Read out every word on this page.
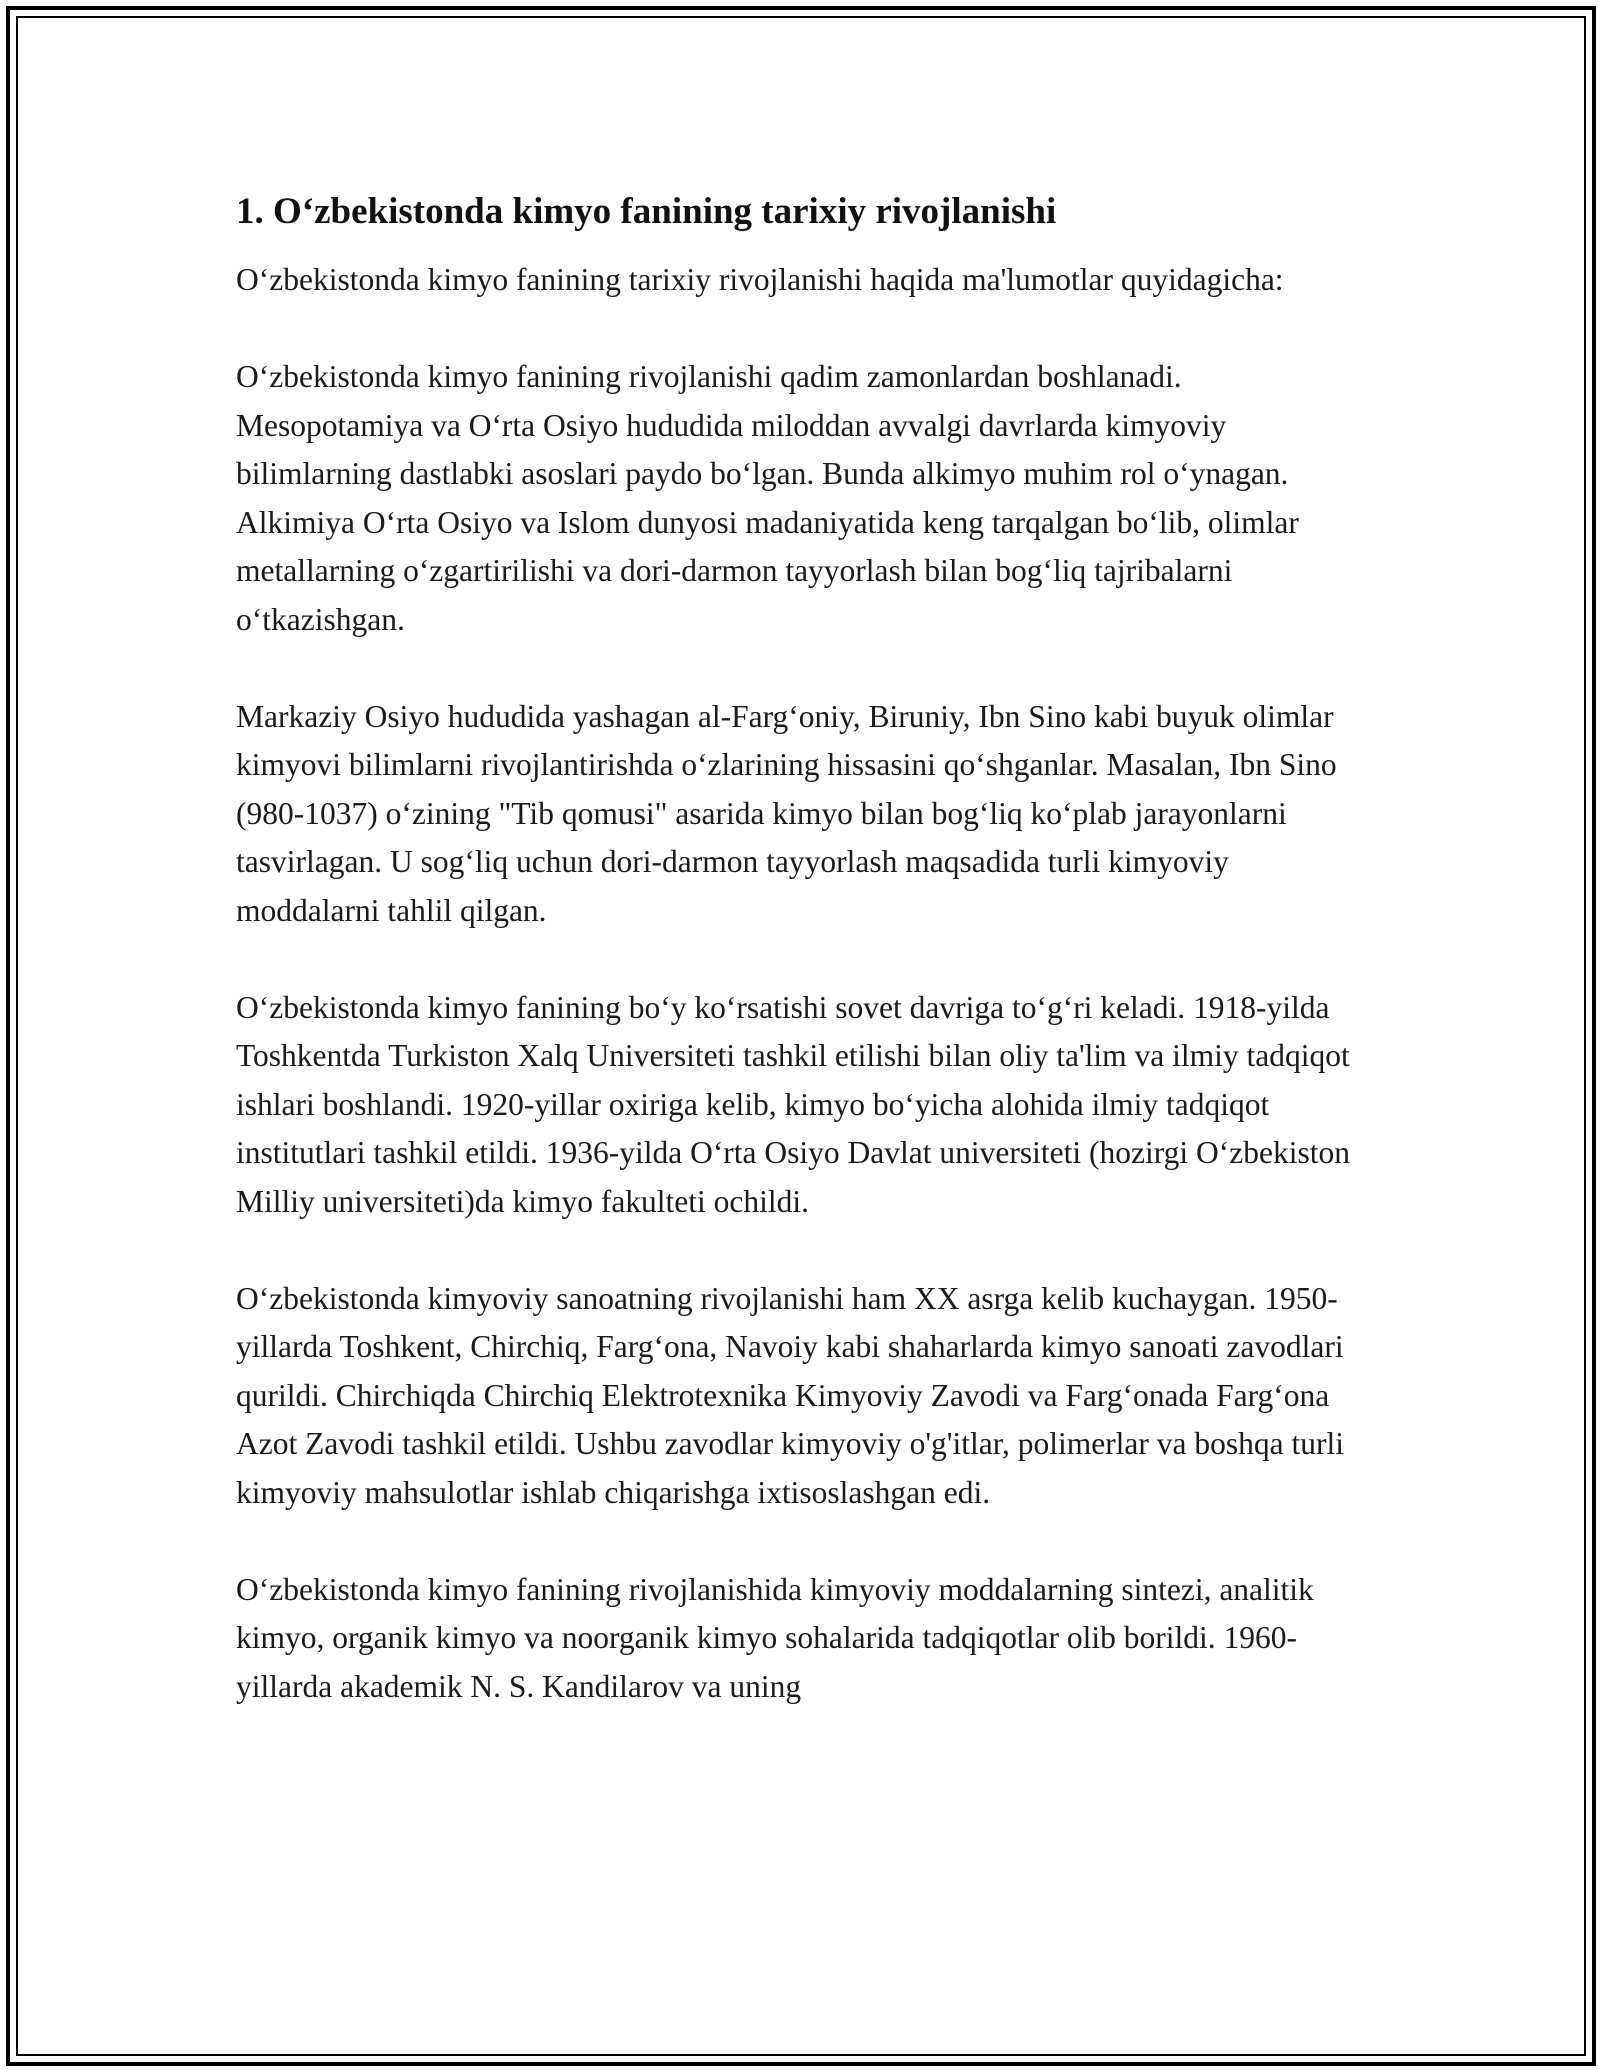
1. Oʻzbekistonda kimyo fanining tarixiy rivojlanishi

Oʻzbekistonda kimyo fanining tarixiy rivojlanishi haqida ma'lumotlar quyidagicha:

Oʻzbekistonda kimyo fanining rivojlanishi qadim zamonlardan boshlanadi. Mesopotamiya va Oʻrta Osiyo hududida miloddan avvalgi davrlarda kimyoviy bilimlarning dastlabki asoslari paydo boʻlgan. Bunda alkimyo muhim rol oʻynagan. Alkimiya Oʻrta Osiyo va Islom dunyosi madaniyatida keng tarqalgan boʻlib, olimlar metallarning oʻzgartirilishi va dori-darmon tayyorlash bilan bogʻliq tajribalarni oʻtkazishgan.

Markaziy Osiyo hududida yashagan al-Fargʻoniy, Biruniy, Ibn Sino kabi buyuk olimlar kimyovi bilimlarni rivojlantirishda oʻzlarining hissasini qoʻshganlar. Masalan, Ibn Sino (980-1037) oʻzining "Tib qomusi" asarida kimyo bilan bogʻliq koʻplab jarayonlarni tasvirlagan. U sogʻliq uchun dori-darmon tayyorlash maqsadida turli kimyoviy moddalarni tahlil qilgan.

Oʻzbekistonda kimyo fanining boʻy koʻrsatishi sovet davriga toʻgʻri keladi. 1918-yilda Toshkentda Turkiston Xalq Universiteti tashkil etilishi bilan oliy ta'lim va ilmiy tadqiqot ishlari boshlandi. 1920-yillar oxiriga kelib, kimyo boʻyicha alohida ilmiy tadqiqot institutlari tashkil etildi. 1936-yilda Oʻrta Osiyo Davlat universiteti (hozirgi Oʻzbekiston Milliy universiteti)da kimyo fakulteti ochildi.

Oʻzbekistonda kimyoviy sanoatning rivojlanishi ham XX asrga kelib kuchaygan. 1950-yillarda Toshkent, Chirchiq, Fargʻona, Navoiy kabi shaharlarda kimyo sanoati zavodlari qurildi. Chirchiqda Chirchiq Elektrotexnika Kimyoviy Zavodi va Fargʻonada Fargʻona Azot Zavodi tashkil etildi. Ushbu zavodlar kimyoviy o'g'itlar, polimerlar va boshqa turli kimyoviy mahsulotlar ishlab chiqarishga ixtisoslashgan edi.

Oʻzbekistonda kimyo fanining rivojlanishida kimyoviy moddalarning sintezi, analitik kimyo, organik kimyo va noorganik kimyo sohalarida tadqiqotlar olib borildi. 1960-yillarda akademik N. S. Kandilarov va uning
